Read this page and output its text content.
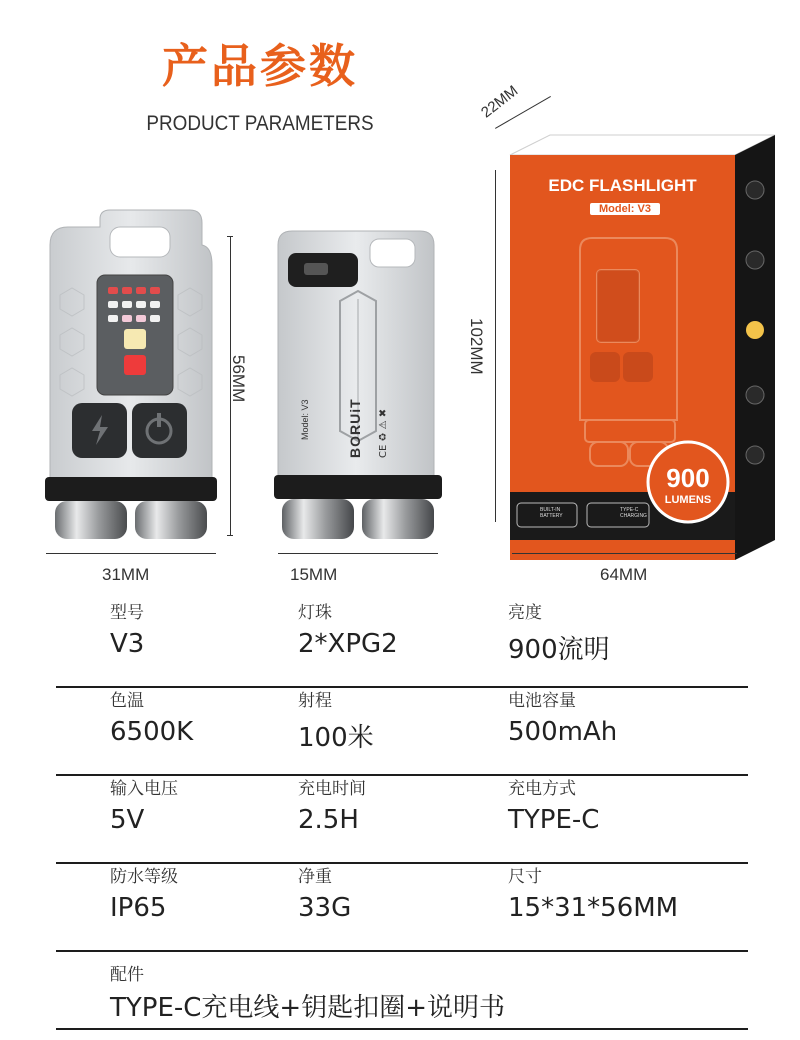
产品参数
PRODUCT PARAMETERS
56MM
31MM
Model: V3	BORUiT CE ♻ ⚠ ✖
15MM
EDC FLASHLIGHT
Model: V3
900
LUMENS
BUILT-IN BATTERY
TYPE-C CHARGING
22MM
102MM
64MM
型号
V3
灯珠
2*XPG2
亮度
900流明
色温
6500K
射程
100米
电池容量
500mAh
输入电压
5V
充电时间
2.5H
充电方式
TYPE-C
防水等级
IP65
净重
33G
尺寸
15*31*56MM
配件
TYPE-C充电线+钥匙扣圈+说明书
